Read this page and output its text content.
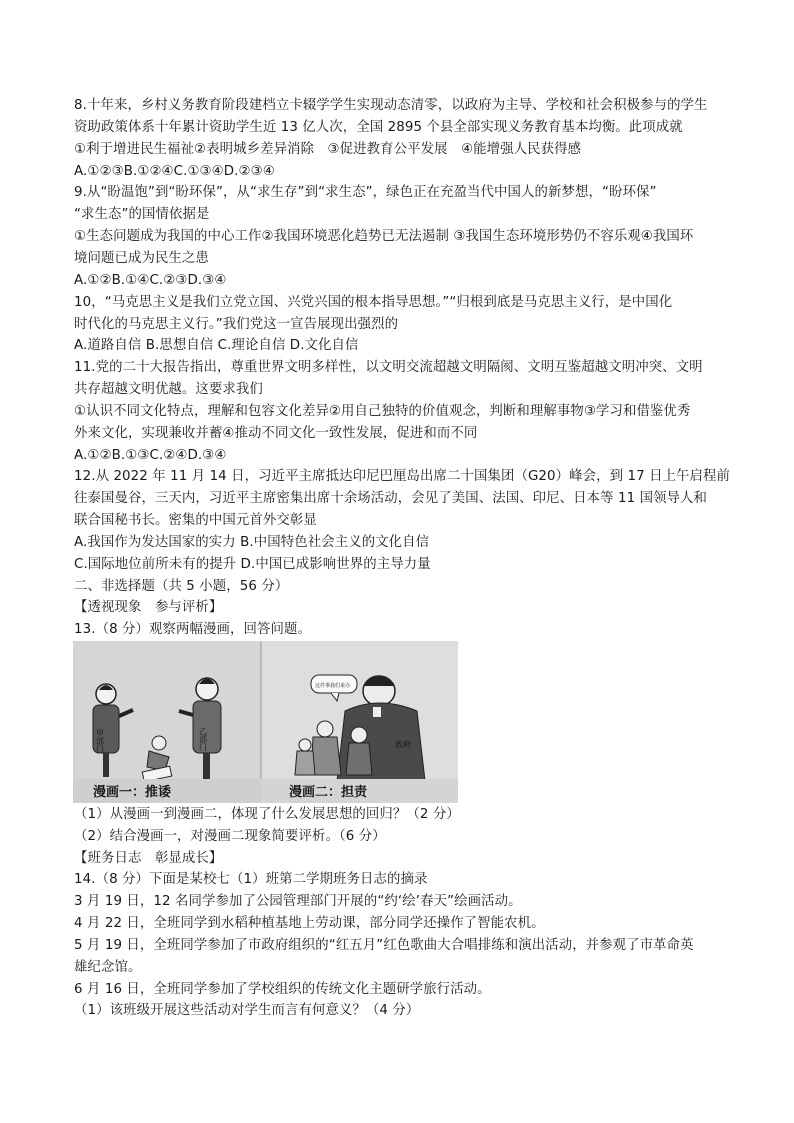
8.十年来，乡村义务教育阶段建档立卡辍学学生实现动态清零，以政府为主导、学校和社会积极参与的学生
资助政策体系十年累计资助学生近 13 亿人次，全国 2895 个县全部实现义务教育基本均衡。此项成就
①利于增进民生福祉②表明城乡差异消除　③促进教育公平发展　④能增强人民获得感
A.①②③B.①②④C.①③④D.②③④
9.从“盼温饱”到“盼环保”，从“求生存”到“求生态”，绿色正在充盈当代中国人的新梦想，“盼环保”
“求生态”的国情依据是
①生态问题成为我国的中心工作②我国环境恶化趋势已无法遏制 ③我国生态环境形势仍不容乐观④我国环
境问题已成为民生之患
A.①②B.①④C.②③D.③④
10，“马克思主义是我们立党立国、兴党兴国的根本指导思想。”“归根到底是马克思主义行，是中国化
时代化的马克思主义行。”我们党这一宣告展现出强烈的
A.道路自信 B.思想自信 C.理论自信 D.文化自信
11.党的二十大报告指出，尊重世界文明多样性，以文明交流超越文明隔阂、文明互鉴超越文明冲突、文明
共存超越文明优越。这要求我们
①认识不同文化特点，理解和包容文化差异②用自己独特的价值观念，判断和理解事物③学习和借鉴优秀
外来文化，实现兼收并蓄④推动不同文化一致性发展，促进和而不同
A.①②B.①③C.②④D.③④
12.从 2022 年 11 月 14 日，习近平主席抵达印尼巴厘岛出席二十国集团（G20）峰会，到 17 日上午启程前
往泰国曼谷，三天内，习近平主席密集出席十余场活动，会见了美国、法国、印尼、日本等 11 国领导人和
联合国秘书长。密集的中国元首外交彰显
A.我国作为发达国家的实力 B.中国特色社会主义的文化自信
C.国际地位前所未有的提升 D.中国已成影响世界的主导力量
二、非选择题（共 5 小题，56 分）
【透视现象　参与评析】
13.（8 分）观察两幅漫画，回答问题。
甲部门	乙部门
漫画一：推诿
这件事我们来办
政府
漫画二：担责
（1）从漫画一到漫画二，体现了什么发展思想的回归？（2 分）
（2）结合漫画一，对漫画二现象简要评析。（6 分）
【班务日志　彰显成长】
14.（8 分）下面是某校七（1）班第二学期班务日志的摘录
3 月 19 日，12 名同学参加了公园管理部门开展的“约‘绘’春天”绘画活动。
4 月 22 日，全班同学到水稻种植基地上劳动课，部分同学还操作了智能农机。
5 月 19 日，全班同学参加了市政府组织的“红五月”红色歌曲大合唱排练和演出活动，并参观了市革命英
雄纪念馆。
6 月 16 日，全班同学参加了学校组织的传统文化主题研学旅行活动。
（1）该班级开展这些活动对学生而言有何意义？（4 分）
